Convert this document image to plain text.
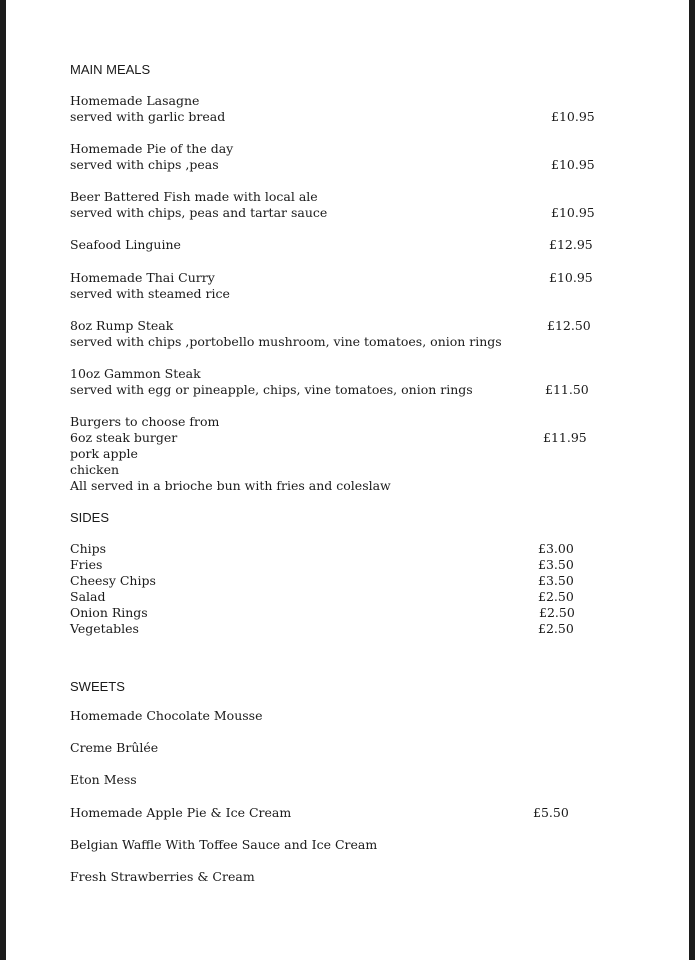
MAIN MEALS
Homemade Lasagne
served with garlic bread	£10.95
Homemade Pie of the day
served with chips ,peas	£10.95
Beer Battered Fish made with local ale
served with chips, peas and tartar sauce	£10.95
Seafood Linguine	£12.95
Homemade Thai Curry	£10.95
served with steamed rice
8oz Rump Steak	£12.50
served with chips ,portobello mushroom, vine tomatoes, onion rings
10oz Gammon Steak
served with egg or pineapple, chips, vine tomatoes, onion rings	£11.50
Burgers to choose from
6oz steak burger	£11.95
pork apple
chicken
All served in a brioche bun with fries and coleslaw
SIDES
Chips	£3.00
Fries	£3.50
Cheesy Chips	£3.50
Salad	£2.50
Onion Rings	£2.50
Vegetables	£2.50
SWEETS
Homemade Chocolate Mousse
Creme Brûlée
Eton Mess
Homemade Apple Pie & Ice Cream	£5.50
Belgian Waffle With Toffee Sauce and Ice Cream
Fresh Strawberries & Cream
